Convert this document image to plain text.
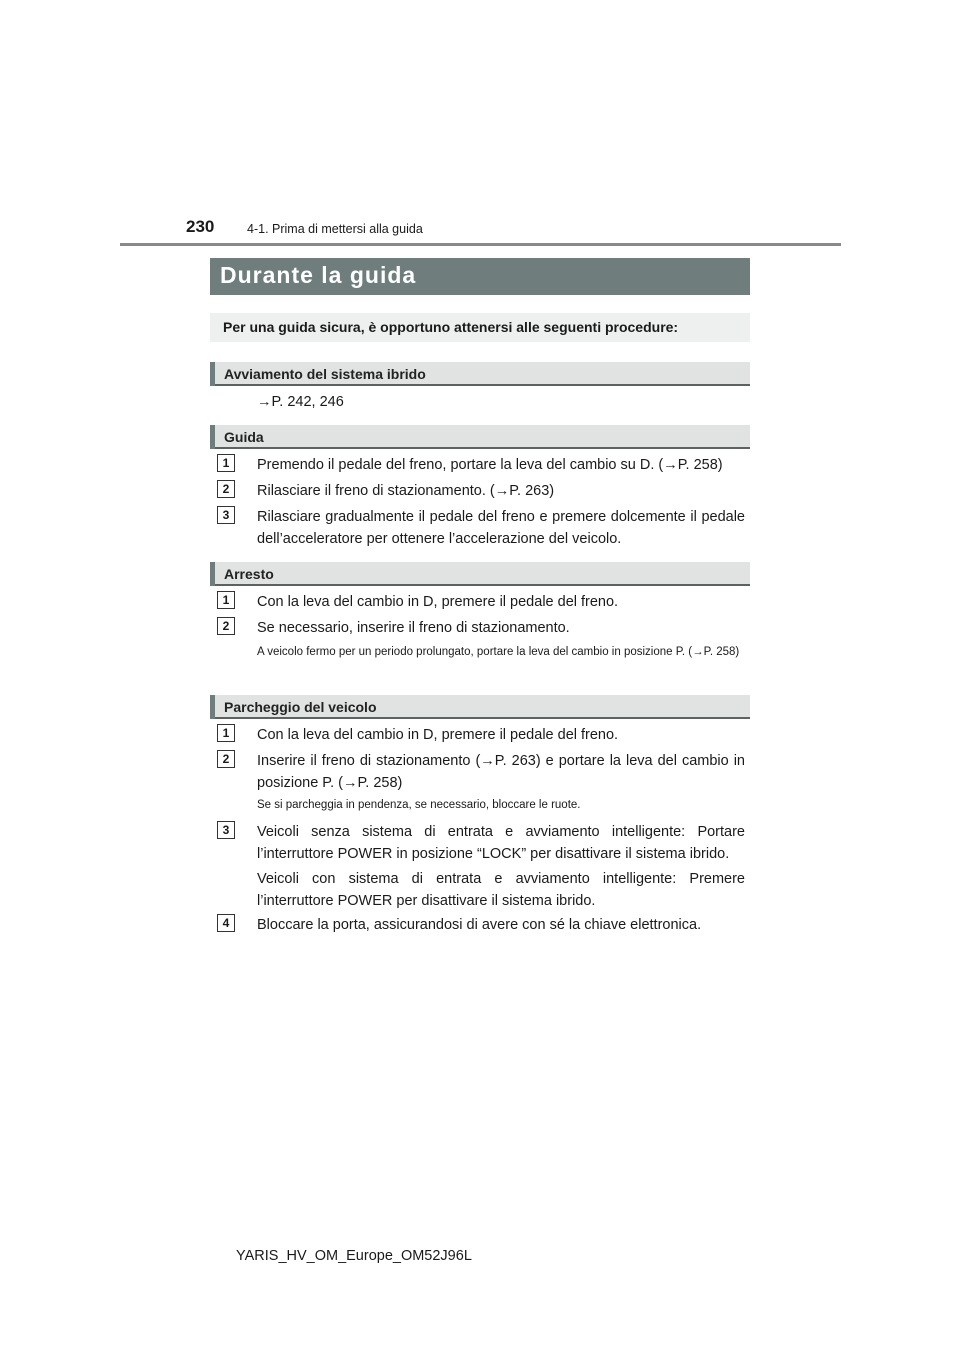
230	4-1. Prima di mettersi alla guida
Durante la guida
Per una guida sicura, è opportuno attenersi alle seguenti procedure:
Avviamento del sistema ibrido
→P. 242, 246
Guida
1	Premendo il pedale del freno, portare la leva del cambio su D. (→P. 258)
2	Rilasciare il freno di stazionamento. (→P. 263)
3	Rilasciare gradualmente il pedale del freno e premere dolcemente il pedale dell’acceleratore per ottenere l’accelerazione del veicolo.
Arresto
1	Con la leva del cambio in D, premere il pedale del freno.
2	Se necessario, inserire il freno di stazionamento.
A veicolo fermo per un periodo prolungato, portare la leva del cambio in posizione P. (→P. 258)
Parcheggio del veicolo
1	Con la leva del cambio in D, premere il pedale del freno.
2	Inserire il freno di stazionamento (→P. 263) e portare la leva del cambio in posizione P. (→P. 258)
Se si parcheggia in pendenza, se necessario, bloccare le ruote.
3	Veicoli senza sistema di entrata e avviamento intelligente: Portare l’interruttore POWER in posizione “LOCK” per disattivare il sistema ibrido.
Veicoli con sistema di entrata e avviamento intelligente: Premere l’interruttore POWER per disattivare il sistema ibrido.
4	Bloccare la porta, assicurandosi di avere con sé la chiave elettronica.
YARIS_HV_OM_Europe_OM52J96L
